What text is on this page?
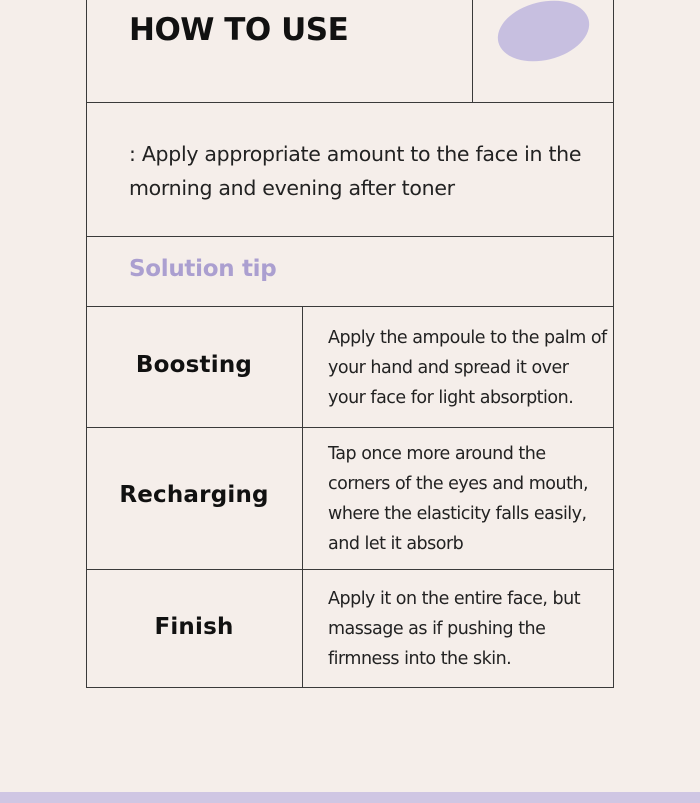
HOW TO USE
: Apply appropriate amount to the face in the morning and evening after toner
Solution tip
Boosting
Apply the ampoule to the palm of your hand and spread it over your face for light absorption.
Recharging
Tap once more around the corners of the eyes and mouth, where the elasticity falls easily, and let it absorb
Finish
Apply it on the entire face, but massage as if pushing the firmness into the skin.
